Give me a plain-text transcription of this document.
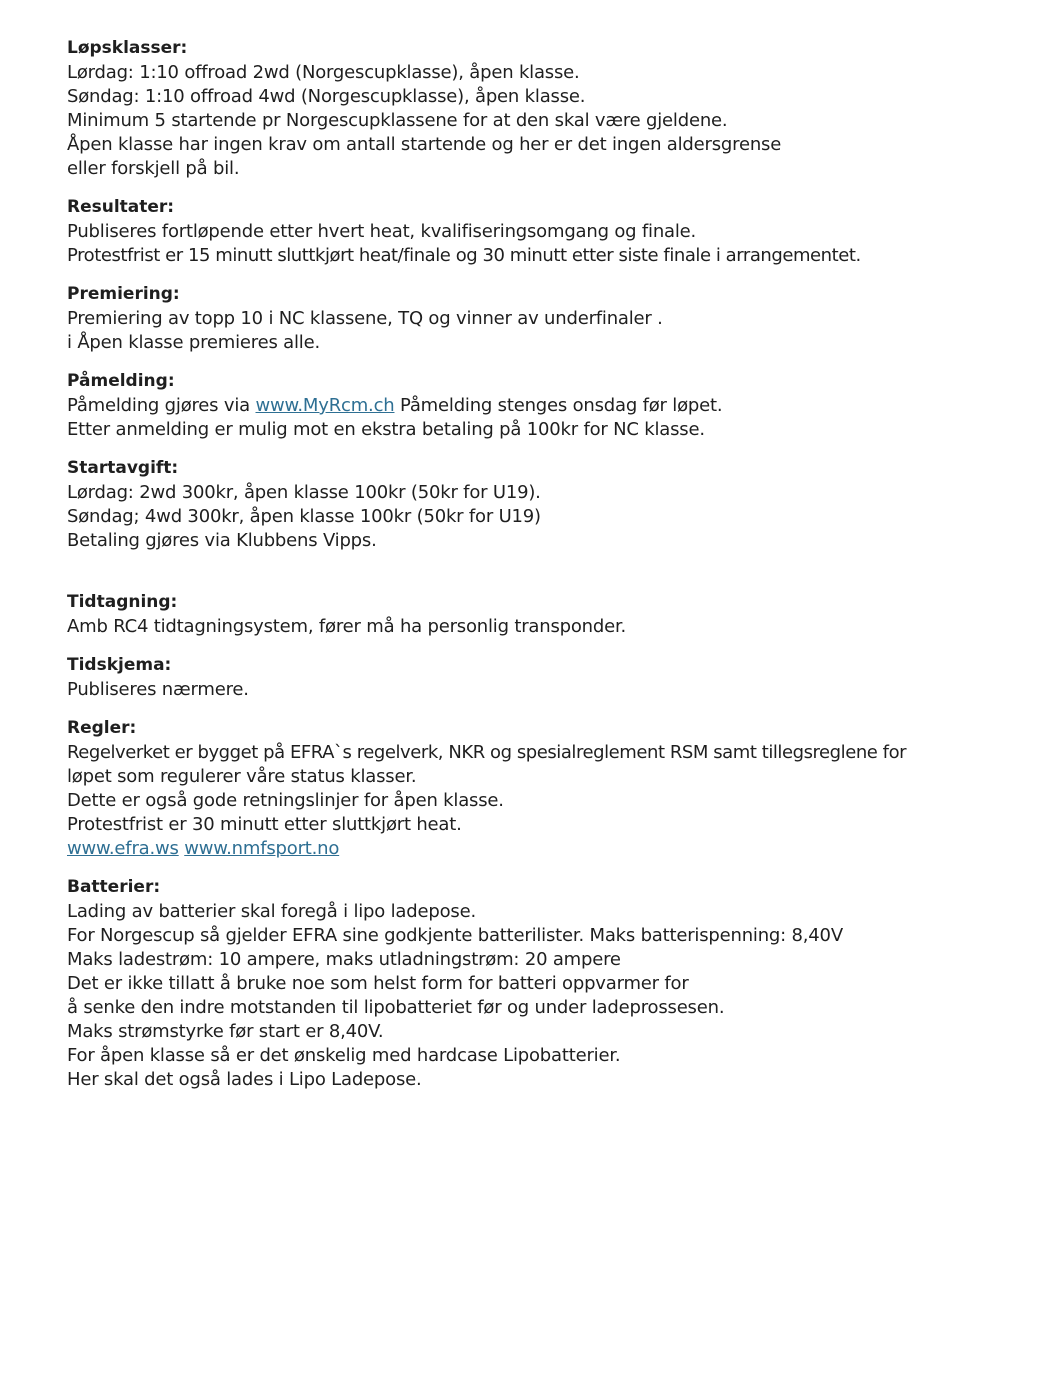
Løpsklasser:
Lørdag: 1:10 offroad 2wd (Norgescupklasse), åpen klasse.
Søndag: 1:10 offroad 4wd (Norgescupklasse), åpen klasse.
Minimum 5 startende pr Norgescupklassene for at den skal være gjeldene.
Åpen klasse har ingen krav om antall startende og her er det ingen aldersgrense
eller forskjell på bil.
Resultater:
Publiseres fortløpende etter hvert heat, kvalifiseringsomgang og finale.
Protestfrist er 15 minutt sluttkjørt heat/finale og 30 minutt etter siste finale i arrangementet.
Premiering:
Premiering av topp 10 i NC klassene, TQ og vinner av underfinaler .
i Åpen klasse premieres alle.
Påmelding:
Påmelding gjøres via www.MyRcm.ch Påmelding stenges onsdag før løpet.
Etter anmelding er mulig mot en ekstra betaling på 100kr for NC klasse.
Startavgift:
Lørdag: 2wd 300kr, åpen klasse 100kr (50kr for U19).
Søndag; 4wd 300kr, åpen klasse 100kr (50kr for U19)
Betaling gjøres via Klubbens Vipps.
Tidtagning:
Amb RC4 tidtagningsystem, fører må ha personlig transponder.
Tidskjema:
Publiseres nærmere.
Regler:
Regelverket er bygget på EFRA`s regelverk, NKR og spesialreglement RSM samt tillegsreglene for
løpet som regulerer våre status klasser.
Dette er også gode retningslinjer for åpen klasse.
Protestfrist er 30 minutt etter sluttkjørt heat.
www.efra.ws www.nmfsport.no
Batterier:
Lading av batterier skal foregå i lipo ladepose.
For Norgescup så gjelder EFRA sine godkjente batterilister. Maks batterispenning: 8,40V
Maks ladestrøm: 10 ampere, maks utladningstrøm: 20 ampere
Det er ikke tillatt å bruke noe som helst form for batteri oppvarmer for
å senke den indre motstanden til lipobatteriet før og under ladeprossesen.
Maks strømstyrke før start er 8,40V.
For åpen klasse så er det ønskelig med hardcase Lipobatterier.
Her skal det også lades i Lipo Ladepose.
